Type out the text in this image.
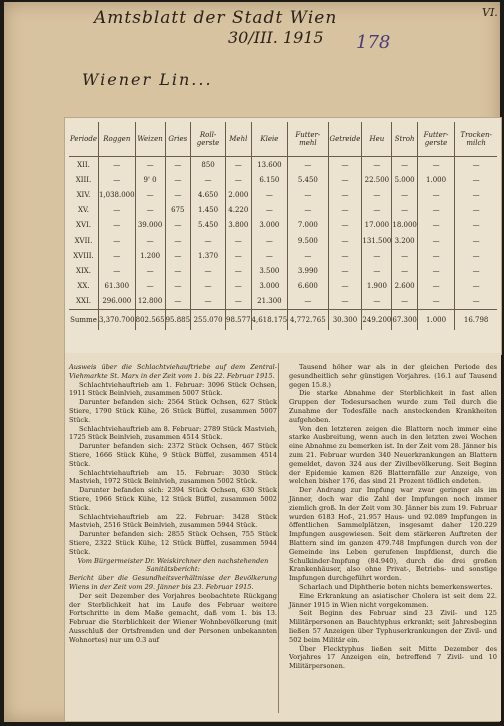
Amtsblatt der Stadt Wien
30/III. 1915 178
VI.
Wiener Lin...
Periode	Roggen	Weizen	Gries	Roll-gerste	Mehl	Kleie	Futter-mehl	Getreide	Heu	Stroh	Futter-gerste	Trocken-milch
XII.	—	—	—	850	—	13.600	—	—	—	—	—	—
XIII.	—	9' 0	—	—	—	6.150	5.450	—	22.500	5.000	1.000	—
XIV.	1,038.000	—	—	4.650	2.000	—	—	—	—	—	—	—
XV.	—	—	675	1.450	4.220	—	—	—	—	—	—	—
XVI.	—	39.000	—	5.450	3.800	3.000	7.000	—	17.000	18.000	—	—
XVII.	—	—	—	—	—	—	9.500	—	131.500	3.200	—	—
XVIII.	—	1.200	—	1.370	—	—	—	—	—	—	—	—
XIX.	—	—	—	—	—	3.500	3.990	—	—	—	—	—
XX.	61.300	—	—	—	—	3.000	6.600	—	1.900	2.600	—	—
XXI.	296.000	12.800	—	—	—	21.300	—	—	—	—	—	—
Summe	3,370.700	802.565	95.885	255.070	98.577	4,618.175	4,772.765	30.300	249.200	67.300	1.000	16.798

Ausweis über die Schlachtviehauftriebe auf dem Zentral-Viehmarkte St. Marx in der Zeit vom 1. bis 22. Februar 1915.

Schlachtviehauftrieb am 1. Februar: 3096 Stück Ochsen, 1911 Stück Beinlvieh, zusammen 5007 Stück.

Darunter befanden sich: 2564 Stück Ochsen, 627 Stück Stiere, 1790 Stück Kühe, 26 Stück Büffel, zusammen 5007 Stück.

Schlachtviehauftrieb am 8. Februar: 2789 Stück Mastvieh, 1725 Stück Beinlvieh, zusammen 4514 Stück.

Darunter befanden sich: 2372 Stück Ochsen, 467 Stück Stiere, 1666 Stück Kühe, 9 Stück Büffel, zusammen 4514 Stück.

Schlachtviehauftrieb am 15. Februar: 3030 Stück Mastvieh, 1972 Stück Beinlvieh, zusammen 5002 Stück.

Darunter befanden sich: 2394 Stück Ochsen, 630 Stück Stiere, 1966 Stück Kühe, 12 Stück Büffel, zusammen 5002 Stück.

Schlachtviehauftrieb am 22. Februar: 3428 Stück Mastvieh, 2516 Stück Beinlvieh, zusammen 5944 Stück.

Darunter befanden sich: 2855 Stück Ochsen, 755 Stück Stiere, 2322 Stück Kühe, 12 Stück Büffel, zusammen 5944 Stück.

Vom Bürgermeister Dr. Weiskirchner den nachstehenden Sanitätsbericht:

Bericht über die Gesundheitsverhältnisse der Bevölkerung Wiens in der Zeit vom 29. Jänner bis 23. Februar 1915.

Der seit Dezember des Vorjahres beobachtete Rückgang der Sterblichkeit hat im Laufe des Februar weitere Fortschritte in dem Maße gemacht, daß vom 1. bis 13. Februar die Sterblichkeit der Wiener Wohnbevölkerung (mit Ausschluß der Ortsfremden und der Personen unbekannten Wohnortes) nur um 0.3 auf

Tausend höher war als in der gleichen Periode des gesundheitlich sehr günstigen Vorjahres. (16.1 auf Tausend gegen 15.8.)

Die starke Abnahme der Sterblichkeit in fast allen Gruppen der Todesursachen wurde zum Teil durch die Zunahme der Todesfälle nach ansteckenden Krankheiten aufgehoben.

Von den letzteren zeigen die Blattern noch immer eine starke Ausbreitung, wenn auch in den letzten zwei Wochen eine Abnahme zu bemerken ist. In der Zeit vom 28. Jänner bis zum 21. Februar wurden 340 Neuerkrankungen an Blattern gemeldet, davon 324 aus der Zivilbevölkerung. Seit Beginn der Epidemie kamen 826 Blatternfälle zur Anzeige, von welchen bisher 176, das sind 21 Prozent tödlich endeten.

Der Andrang zur Impfung war zwar geringer als im Jänner, doch war die Zahl der Impfungen noch immer ziemlich groß. In der Zeit vom 30. Jänner bis zum 19. Februar wurden 6183 Hof-, 21.957 Haus- und 92.089 Impfungen in öffentlichen Sammelplätzen, insgesamt daher 120.229 Impfungen ausgewiesen. Seit dem stärkeren Auftreten der Blattern sind im ganzen 479.748 Impfungen durch von der Gemeinde ins Leben gerufenen Impfdienst, durch die Schulkinder-Impfung (84.940), durch die drei großen Krankenhäuser, also ohne Privat-, Betriebs- und sonstige Impfungen durchgeführt worden.

Scharlach und Diphtherie boten nichts bemerkenswertes.

Eine Erkrankung an asiatischer Cholera ist seit dem 22. Jänner 1915 in Wien nicht vorgekommen.

Seit Beginn des Februar sind 23 Zivil- und 125 Militärpersonen an Bauchtyphus erkrankt; seit Jahresbeginn ließen 57 Anzeigen über Typhuserkrankungen der Zivil- und 502 beim Militär ein.

Über Flecktyphus ließen seit Mitte Dezember des Vorjahres 17 Anzeigen ein, betreffend 7 Zivil- und 10 Militärpersonen.
